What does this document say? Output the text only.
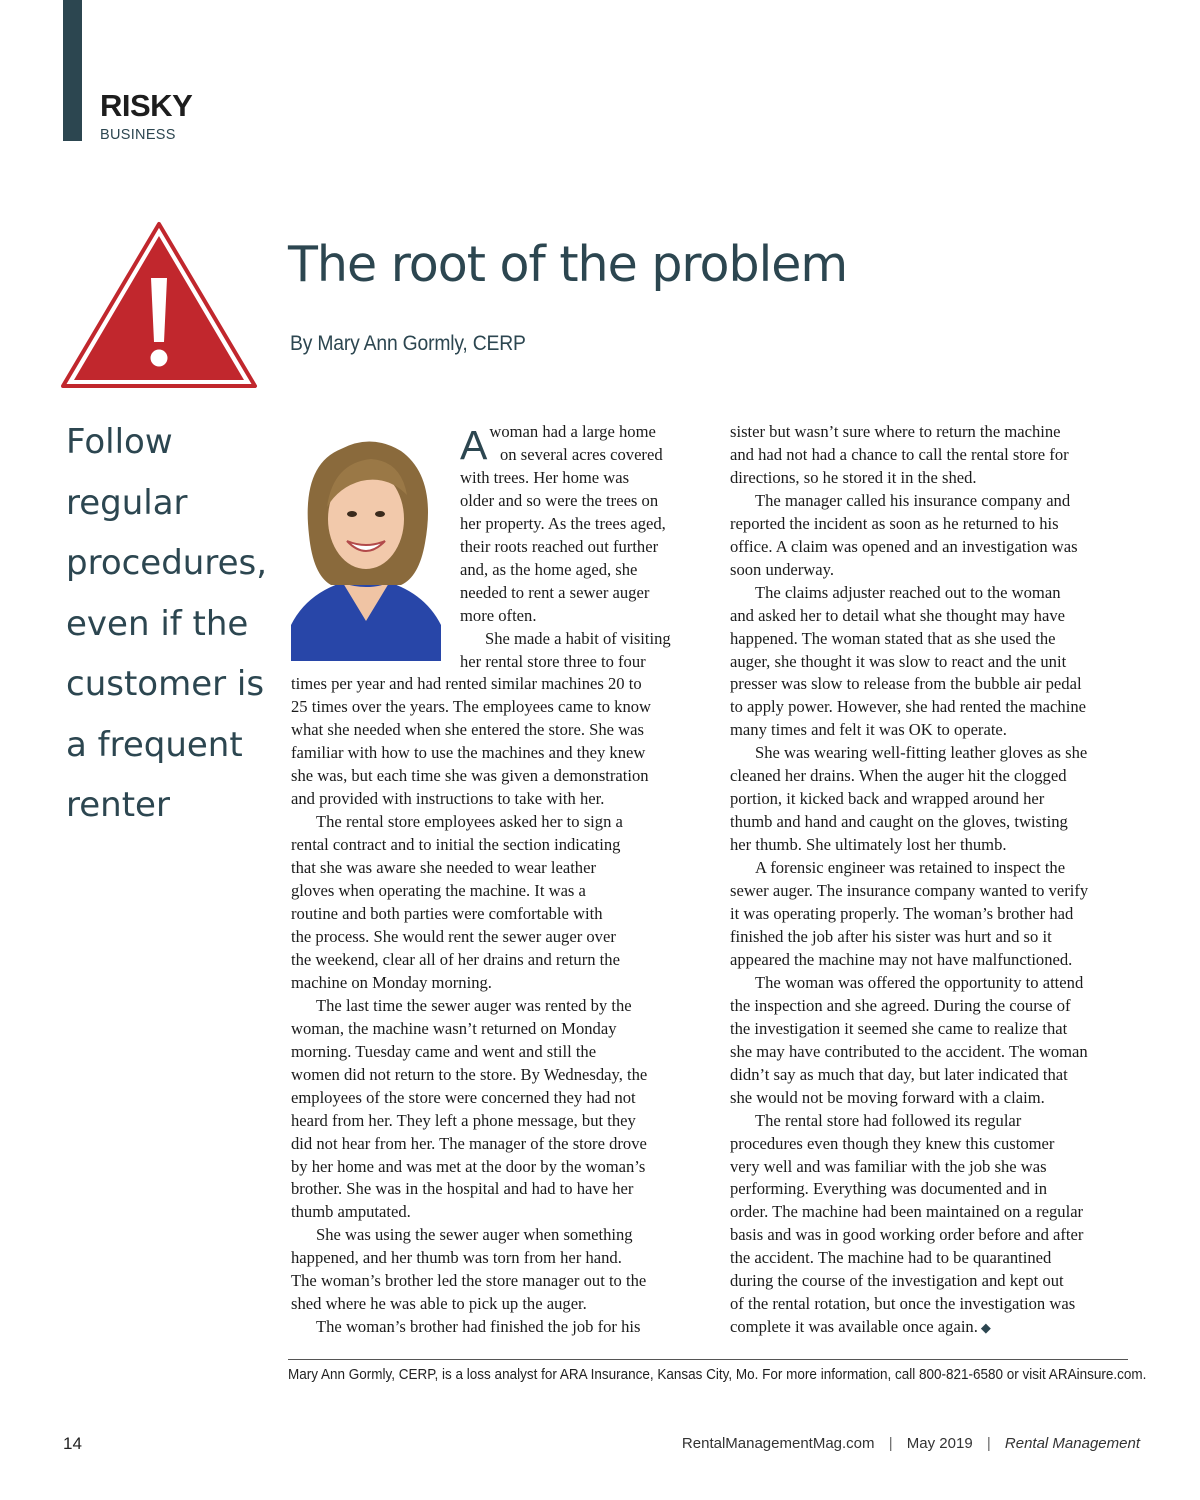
RISKY
BUSINESS
The root of the problem
By Mary Ann Gormly, CERP
Follow
regular
procedures,
even if the
customer is
a frequent
renter
Awoman had a large home
on several acres covered
with trees. Her home was
older and so were the trees on
her property. As the trees aged,
their roots reached out further
and, as the home aged, she
needed to rent a sewer auger
more often.
She made a habit of visiting
her rental store three to four
times per year and had rented similar machines 20 to
25 times over the years. The employees came to know
what she needed when she entered the store. She was
familiar with how to use the machines and they knew
she was, but each time she was given a demonstration
and provided with instructions to take with her.
The rental store employees asked her to sign a
rental contract and to initial the section indicating
that she was aware she needed to wear leather
gloves when operating the machine. It was a
routine and both parties were comfortable with
the process. She would rent the sewer auger over
the weekend, clear all of her drains and return the
machine on Monday morning.
The last time the sewer auger was rented by the
woman, the machine wasn’t returned on Monday
morning. Tuesday came and went and still the
women did not return to the store. By Wednesday, the
employees of the store were concerned they had not
heard from her. They left a phone message, but they
did not hear from her. The manager of the store drove
by her home and was met at the door by the woman’s
brother. She was in the hospital and had to have her
thumb amputated.
She was using the sewer auger when something
happened, and her thumb was torn from her hand.
The woman’s brother led the store manager out to the
shed where he was able to pick up the auger.
The woman’s brother had finished the job for his
sister but wasn’t sure where to return the machine
and had not had a chance to call the rental store for
directions, so he stored it in the shed.
The manager called his insurance company and
reported the incident as soon as he returned to his
office. A claim was opened and an investigation was
soon underway.
The claims adjuster reached out to the woman
and asked her to detail what she thought may have
happened. The woman stated that as she used the
auger, she thought it was slow to react and the unit
presser was slow to release from the bubble air pedal
to apply power. However, she had rented the machine
many times and felt it was OK to operate.
She was wearing well-fitting leather gloves as she
cleaned her drains. When the auger hit the clogged
portion, it kicked back and wrapped around her
thumb and hand and caught on the gloves, twisting
her thumb. She ultimately lost her thumb.
A forensic engineer was retained to inspect the
sewer auger. The insurance company wanted to verify
it was operating properly. The woman’s brother had
finished the job after his sister was hurt and so it
appeared the machine may not have malfunctioned.
The woman was offered the opportunity to attend
the inspection and she agreed. During the course of
the investigation it seemed she came to realize that
she may have contributed to the accident. The woman
didn’t say as much that day, but later indicated that
she would not be moving forward with a claim.
The rental store had followed its regular
procedures even though they knew this customer
very well and was familiar with the job she was
performing. Everything was documented and in
order. The machine had been maintained on a regular
basis and was in good working order before and after
the accident. The machine had to be quarantined
during the course of the investigation and kept out
of the rental rotation, but once the investigation was
complete it was available once again. ◆
Mary Ann Gormly, CERP, is a loss analyst for ARA Insurance, Kansas City, Mo. For more information, call 800-821-6580 or visit ARAinsure.com.
14	RentalManagementMag.com | May 2019 | Rental Management
